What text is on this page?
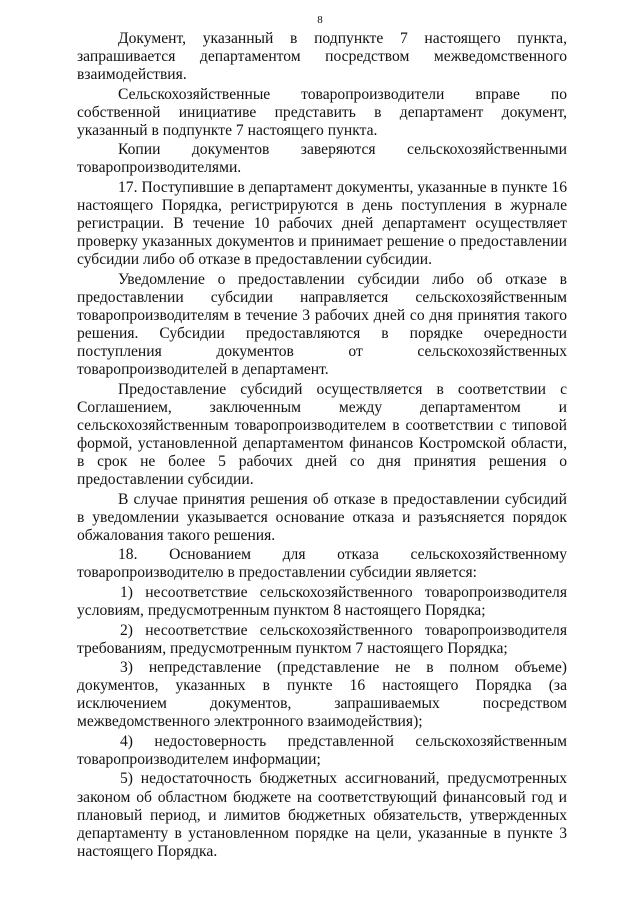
8

Документ, указанный в подпункте 7 настоящего пункта, запрашивается департаментом посредством межведомственного взаимодействия.

Сельскохозяйственные товаропроизводители вправе по собственной инициативе представить в департамент документ, указанный в подпункте 7 настоящего пункта.

Копии документов заверяются сельскохозяйственными товаропроизводителями.

17. Поступившие в департамент документы, указанные в пункте 16 настоящего Порядка, регистрируются в день поступления в журнале регистрации. В течение 10 рабочих дней департамент осуществляет проверку указанных документов и принимает решение о предоставлении субсидии либо об отказе в предоставлении субсидии.

Уведомление о предоставлении субсидии либо об отказе в предоставлении субсидии направляется сельскохозяйственным товаропроизводителям в течение 3 рабочих дней со дня принятия такого решения. Субсидии предоставляются в порядке очередности поступления документов от сельскохозяйственных товаропроизводителей в департамент.

Предоставление субсидий осуществляется в соответствии с Соглашением, заключенным между департаментом и сельскохозяйственным товаропроизводителем в соответствии с типовой формой, установленной департаментом финансов Костромской области, в срок не более 5 рабочих дней со дня принятия решения о предоставлении субсидии.

В случае принятия решения об отказе в предоставлении субсидий в уведомлении указывается основание отказа и разъясняется порядок обжалования такого решения.

18. Основанием для отказа сельскохозяйственному товаропроизводителю в предоставлении субсидии является:

1) несоответствие сельскохозяйственного товаропроизводителя условиям, предусмотренным пунктом 8 настоящего Порядка;

2) несоответствие сельскохозяйственного товаропроизводителя требованиям, предусмотренным пунктом 7 настоящего Порядка;

3) непредставление (представление не в полном объеме) документов, указанных в пункте 16 настоящего Порядка (за исключением документов, запрашиваемых посредством межведомственного электронного взаимодействия);

4) недостоверность представленной сельскохозяйственным товаропроизводителем информации;

5) недостаточность бюджетных ассигнований, предусмотренных законом об областном бюджете на соответствующий финансовый год и плановый период, и лимитов бюджетных обязательств, утвержденных департаменту в установленном порядке на цели, указанные в пункте 3 настоящего Порядка.
